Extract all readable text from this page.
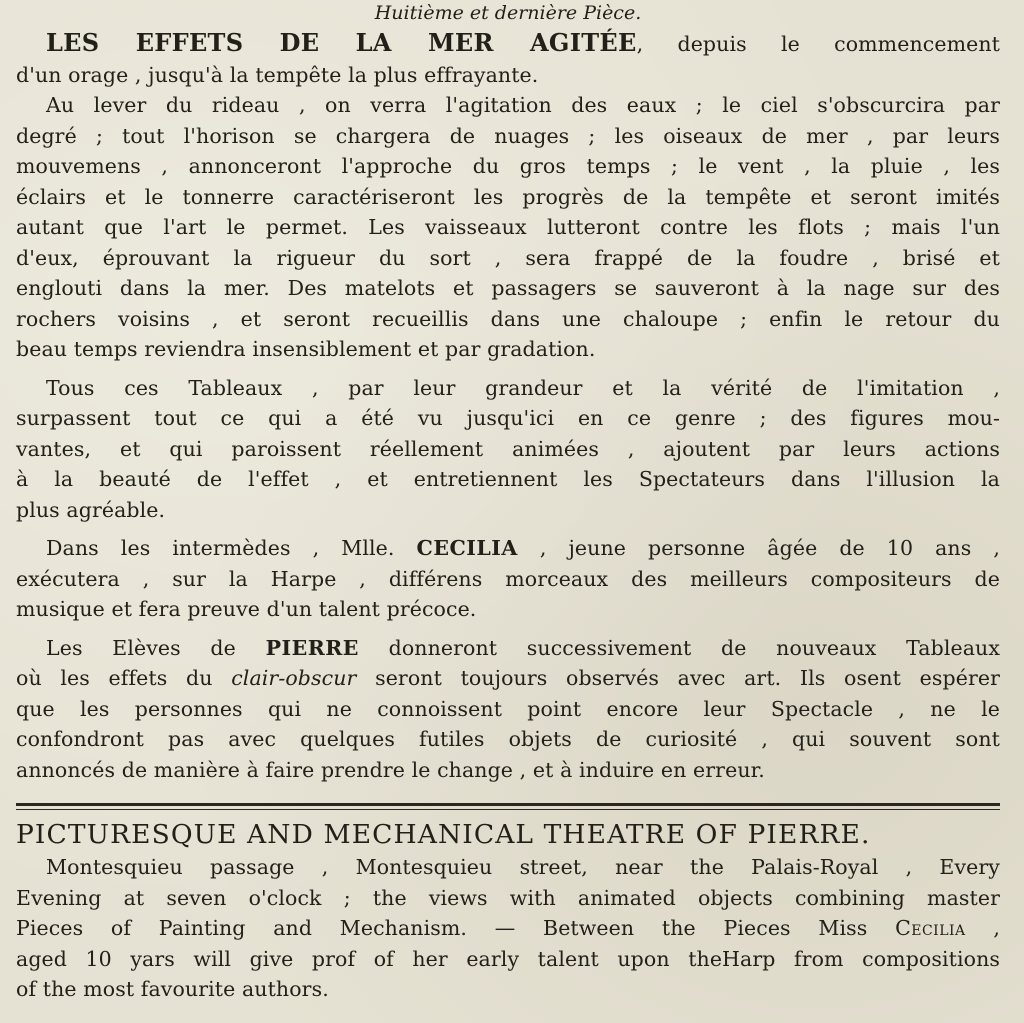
Huitième et dernière Pièce.
LES EFFETS DE LA MER AGITÉE, depuis le commencement
d'un orage , jusqu'à la tempête la plus effrayante.
Au lever du rideau , on verra l'agitation des eaux ; le ciel s'obscurcira par
degré ; tout l'horison se chargera de nuages ; les oiseaux de mer , par leurs
mouvemens , annonceront l'approche du gros temps ; le vent , la pluie , les
éclairs et le tonnerre caractériseront les progrès de la tempête et seront imités
autant que l'art le permet. Les vaisseaux lutteront contre les flots ; mais l'un
d'eux, éprouvant la rigueur du sort , sera frappé de la foudre , brisé et
englouti dans la mer. Des matelots et passagers se sauveront à la nage sur des
rochers voisins , et seront recueillis dans une chaloupe ; enfin le retour du
beau temps reviendra insensiblement et par gradation.
Tous ces Tableaux , par leur grandeur et la vérité de l'imitation ,
surpassent tout ce qui a été vu jusqu'ici en ce genre ; des figures mou-
vantes, et qui paroissent réellement animées , ajoutent par leurs actions
à la beauté de l'effet , et entretiennent les Spectateurs dans l'illusion la
plus agréable.
Dans les intermèdes , Mlle. CECILIA , jeune personne âgée de 10 ans ,
exécutera , sur la Harpe , différens morceaux des meilleurs compositeurs de
musique et fera preuve d'un talent précoce.
Les Elèves de PIERRE donneront successivement de nouveaux Tableaux
où les effets du clair-obscur seront toujours observés avec art. Ils osent espérer
que les personnes qui ne connoissent point encore leur Spectacle , ne le
confondront pas avec quelques futiles objets de curiosité , qui souvent sont
annoncés de manière à faire prendre le change , et à induire en erreur.
PICTURESQUE AND MECHANICAL THEATRE OF PIERRE.
Montesquieu passage , Montesquieu street, near the Palais-Royal , Every
Evening at seven o'clock ; the views with animated objects combining master
Pieces of Painting and Mechanism. — Between the Pieces Miss Cecilia ,
aged 10 yars will give prof of her early talent upon theHarp from compositions
of the most favourite authors.
